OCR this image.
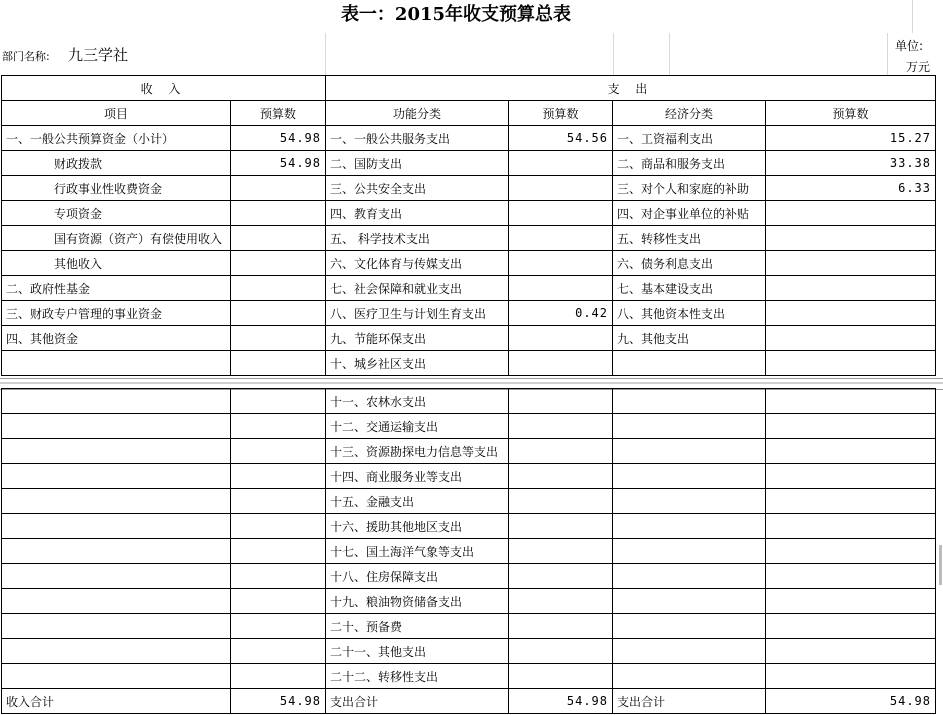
表一：2015年收支预算总表
部门名称: 九三学社	单位:
万元
收 入		支 出			
项目	预算数	功能分类	预算数	经济分类	预算数
一、一般公共预算资金（小计）	54.98	一、一般公共服务支出	54.56	一、工资福利支出	15.27
财政拨款	54.98	二、国防支出		二、商品和服务支出	33.38
行政事业性收费资金		三、公共安全支出		三、对个人和家庭的补助	6.33
专项资金		四、教育支出		四、对企事业单位的补贴	
国有资源（资产）有偿使用收入		五、 科学技术支出		五、转移性支出	
其他收入		六、文化体育与传媒支出		六、债务利息支出	
二、政府性基金		七、社会保障和就业支出		七、基本建设支出	
三、财政专户管理的事业资金		八、医疗卫生与计划生育支出	0.42	八、其他资本性支出	
四、其他资金		九、节能环保支出		九、其他支出	
		十、城乡社区支出			
		十一、农林水支出			
		十二、交通运输支出			
		十三、资源勘探电力信息等支出			
		十四、商业服务业等支出			
		十五、金融支出			
		十六、援助其他地区支出			
		十七、国土海洋气象等支出			
		十八、住房保障支出			
		十九、粮油物资储备支出			
		二十、预备费			
		二十一、其他支出			
		二十二、转移性支出			
收入合计	54.98	支出合计	54.98	支出合计	54.98
